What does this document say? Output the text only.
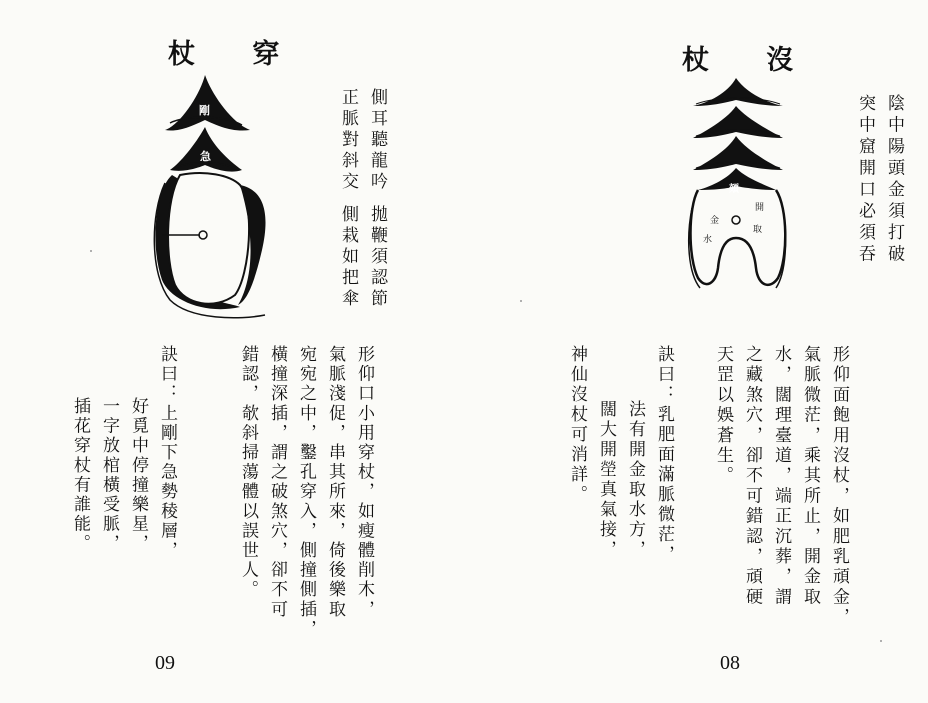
杖 穿
剛
急	側耳聽龍吟
正脈對斜交
拋鞭須認節
側栽如把傘
形仰口小用穿杖，如瘦體削木，
氣脈淺促，串其所來，倚後樂取
宛宛之中，鑿孔穿入，側撞側插，
橫撞深插，謂之破煞穴，卻不可
錯認，欹斜掃蕩體以誤世人。
訣曰：上剛下急勢稜層，
好覓中停撞樂星，
一字放棺橫受脈，
插花穿杖有誰能。
09
杖 沒
頦
金
水
開
取	陰中陽頭金須打破
突中窟開口必須吞
形仰面飽用沒杖，如肥乳頑金，
氣脈微茫，乘其所止，開金取
水，闊理臺道，端正沉葬，謂
之藏煞穴，卻不可錯認，頑硬
天罡以娛蒼生。
訣曰：乳肥面滿脈微茫，
法有開金取水方，
闊大開塋真氣接，
神仙沒杖可消詳。
08
